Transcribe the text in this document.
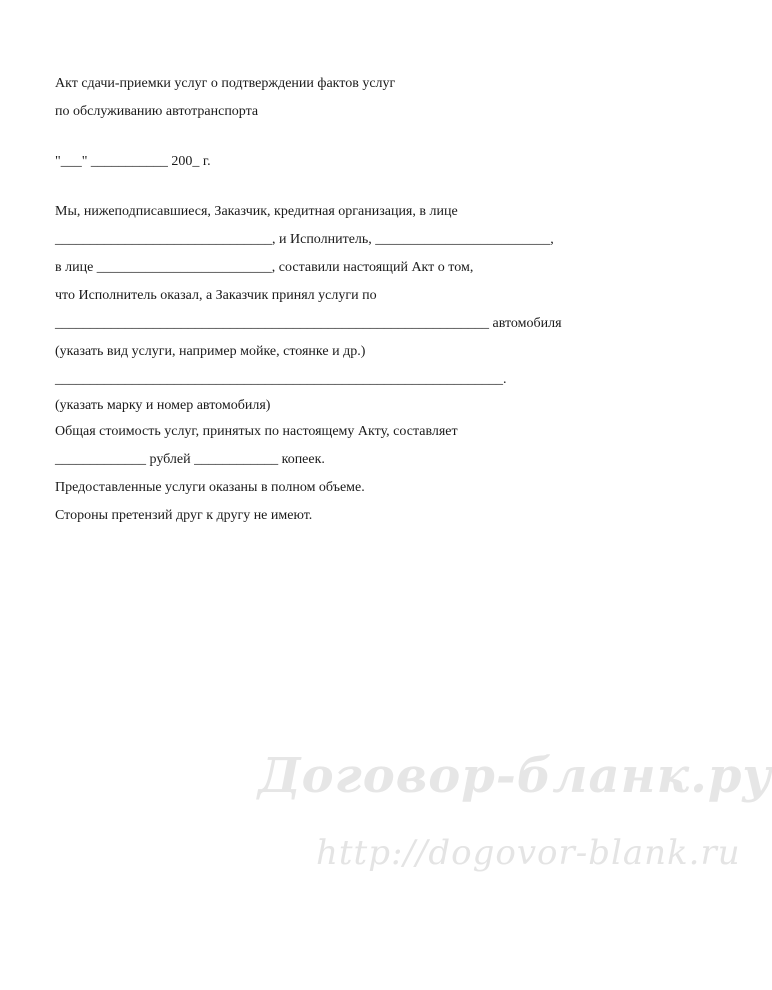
Акт сдачи-приемки услуг о подтверждении фактов услуг
по обслуживанию автотранспорта
"___" ___________ 200_ г.
Мы, нижеподписавшиеся, Заказчик, кредитная организация, в лице
_______________________________, и Исполнитель, _________________________,
в лице _________________________, составили настоящий Акт о том,
что Исполнитель оказал, а Заказчик принял услуги по
______________________________________________________________ автомобиля
(указать вид услуги, например мойке, стоянке и др.)
________________________________________________________________.
(указать марку и номер автомобиля)
Общая стоимость услуг, принятых по настоящему Акту, составляет
_____________ рублей ____________ копеек.
Предоставленные услуги оказаны в полном объеме.
Стороны претензий друг к другу не имеют.
Договор-бланк.ру
http://dogovor-blank.ru
